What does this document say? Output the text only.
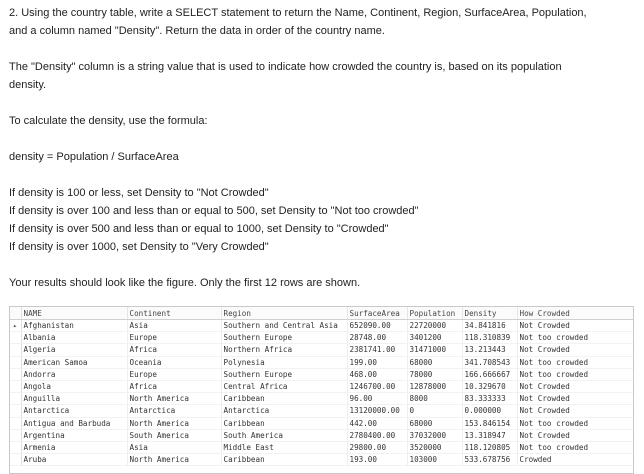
2. Using the country table, write a SELECT statement to return the Name, Continent, Region, SurfaceArea, Population,
and a column named "Density". Return the data in order of the country name.
The "Density" column is a string value that is used to indicate how crowded the country is, based on its population
density.
To calculate the density, use the formula:
density = Population / SurfaceArea
If density is 100 or less, set Density to "Not Crowded"
If density is over 100 and less than or equal to 500, set Density to "Not too crowded"
If density is over 500 and less than or equal to 1000, set Density to "Crowded"
If density is over 1000, set Density to "Very Crowded"
Your results should look like the figure. Only the first 12 rows are shown.
	NAME	Continent	Region	SurfaceArea	Population	Density	How Crowded
▸	Afghanistan	Asia	Southern and Central Asia	652090.00	22720000	34.841816	Not Crowded
	Albania	Europe	Southern Europe	28748.00	3401200	118.310839	Not too crowded
	Algeria	Africa	Northern Africa	2381741.00	31471000	13.213443	Not Crowded
	American Samoa	Oceania	Polynesia	199.00	68000	341.708543	Not too crowded
	Andorra	Europe	Southern Europe	468.00	78000	166.666667	Not too crowded
	Angola	Africa	Central Africa	1246700.00	12878000	10.329670	Not Crowded
	Anguilla	North America	Caribbean	96.00	8000	83.333333	Not Crowded
	Antarctica	Antarctica	Antarctica	13120000.00	0	0.000000	Not Crowded
	Antigua and Barbuda	North America	Caribbean	442.00	68000	153.846154	Not too crowded
	Argentina	South America	South America	2780400.00	37032000	13.318947	Not Crowded
	Armenia	Asia	Middle East	29800.00	3520000	118.120805	Not too crowded
	Aruba	North America	Caribbean	193.00	103000	533.678756	Crowded
